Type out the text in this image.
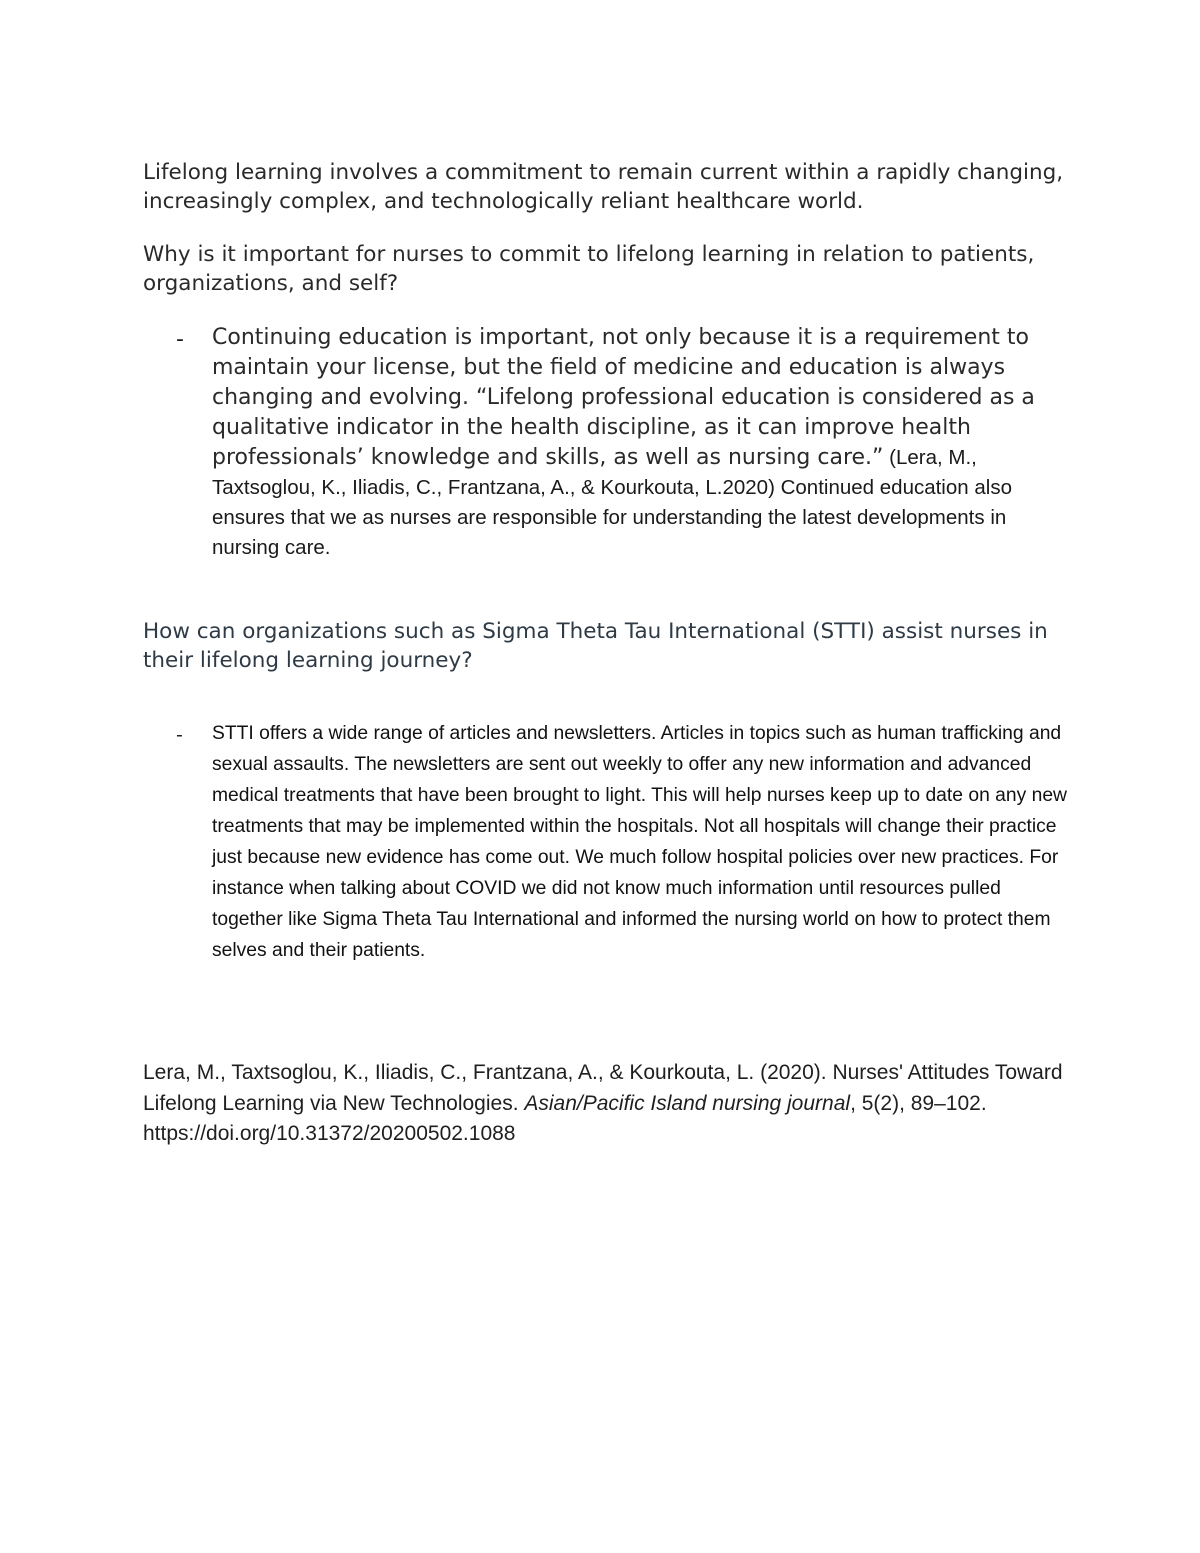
Lifelong learning involves a commitment to remain current within a rapidly changing, increasingly complex, and technologically reliant healthcare world.

Why is it important for nurses to commit to lifelong learning in relation to patients, organizations, and self?

- Continuing education is important, not only because it is a requirement to maintain your license, but the field of medicine and education is always changing and evolving. “Lifelong professional education is considered as a qualitative indicator in the health discipline, as it can improve health professionals’ knowledge and skills, as well as nursing care.” (Lera, M., Taxtsoglou, K., Iliadis, C., Frantzana, A., & Kourkouta, L.2020) Continued education also ensures that we as nurses are responsible for understanding the latest developments in nursing care.

How can organizations such as Sigma Theta Tau International (STTI) assist nurses in their lifelong learning journey?

- STTI offers a wide range of articles and newsletters. Articles in topics such as human trafficking and sexual assaults. The newsletters are sent out weekly to offer any new information and advanced medical treatments that have been brought to light. This will help nurses keep up to date on any new treatments that may be implemented within the hospitals. Not all hospitals will change their practice just because new evidence has come out. We much follow hospital policies over new practices. For instance when talking about COVID we did not know much information until resources pulled together like Sigma Theta Tau International and informed the nursing world on how to protect them selves and their patients.

Lera, M., Taxtsoglou, K., Iliadis, C., Frantzana, A., & Kourkouta, L. (2020). Nurses' Attitudes Toward Lifelong Learning via New Technologies. Asian/Pacific Island nursing journal, 5(2), 89–102. https://doi.org/10.31372/20200502.1088
